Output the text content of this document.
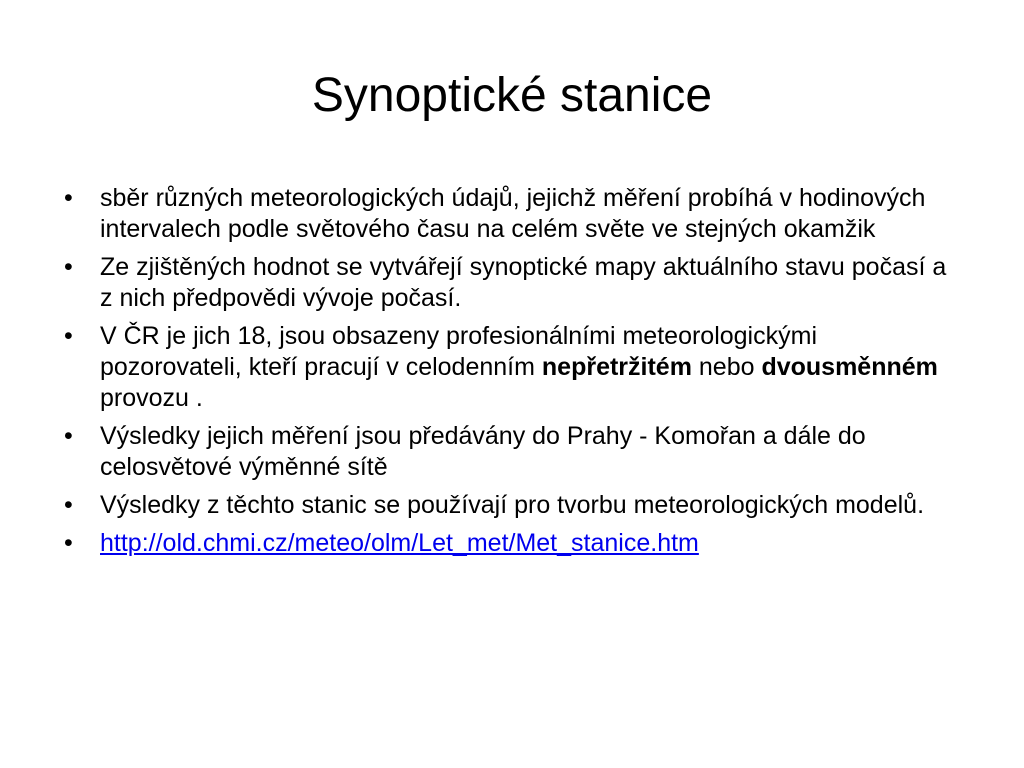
Synoptické stanice
• sběr různých meteorologických údajů, jejichž měření probíhá v hodinových intervalech podle světového času na celém světe ve stejných okamžik
• Ze zjištěných hodnot se vytvářejí synoptické mapy aktuálního stavu počasí a z nich předpovědi vývoje počasí.
• V ČR je jich 18, jsou obsazeny profesionálními meteorologickými pozorovateli, kteří pracují v celodenním nepřetržitém nebo dvousměnném provozu .
• Výsledky jejich měření jsou předávány do Prahy - Komořan a dále do celosvětové výměnné sítě
• Výsledky z těchto stanic se používají pro tvorbu meteorologických modelů.
• http://old.chmi.cz/meteo/olm/Let_met/Met_stanice.htm
